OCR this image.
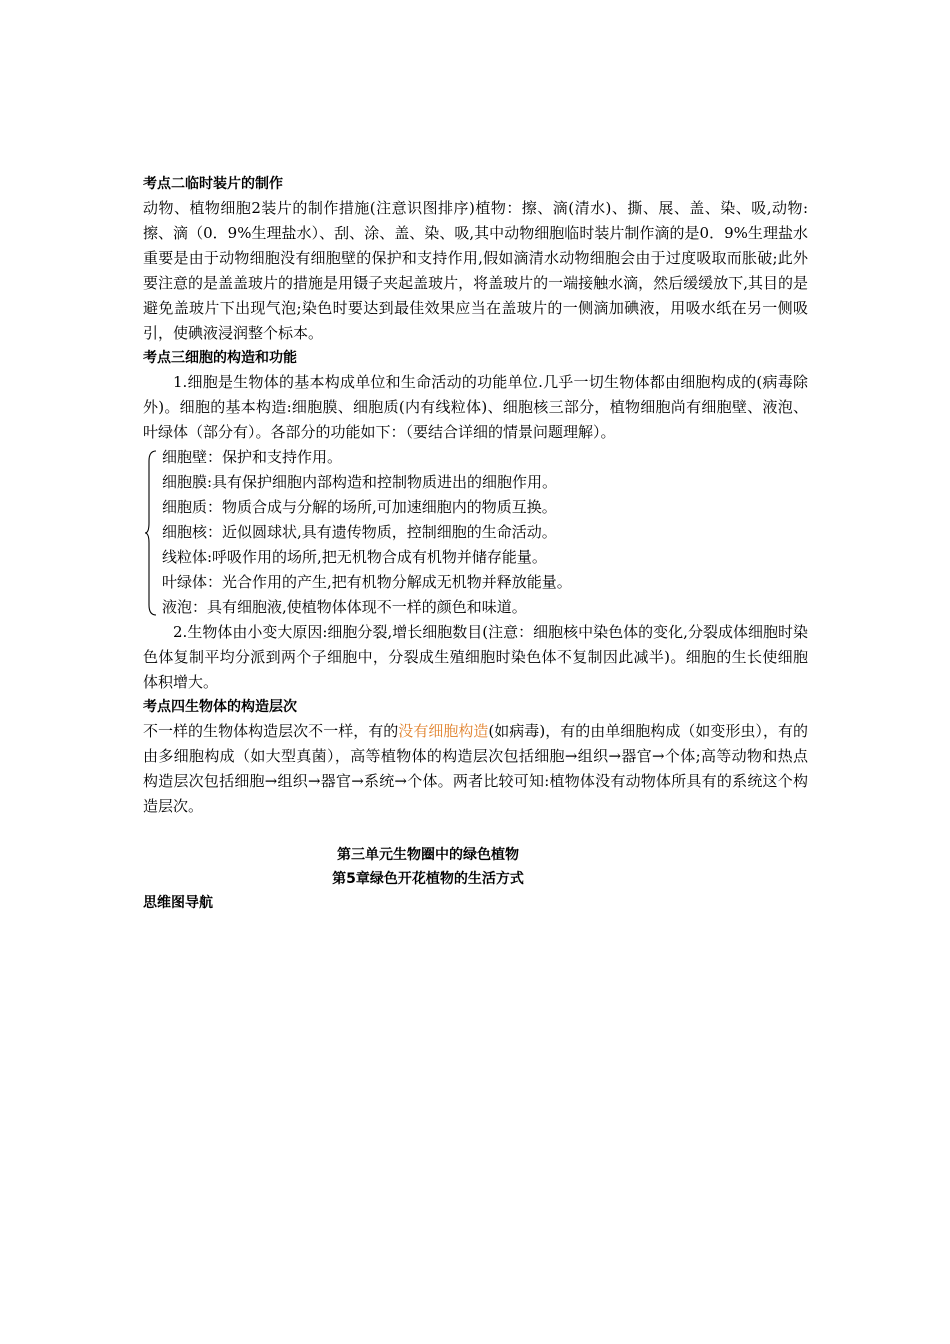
考点二临时装片的制作

动物、植物细胞2装片的制作措施(注意识图排序)植物：擦、滴(清水)、撕、展、盖、染、吸,动物:擦、滴（0．9%生理盐水）、刮、涂、盖、染、吸,其中动物细胞临时装片制作滴的是0．9%生理盐水重要是由于动物细胞没有细胞壁的保护和支持作用,假如滴清水动物细胞会由于过度吸取而胀破;此外要注意的是盖盖玻片的措施是用镊子夹起盖玻片，将盖玻片的一端接触水滴，然后缓缓放下,其目的是避免盖玻片下出现气泡;染色时要达到最佳效果应当在盖玻片的一侧滴加碘液，用吸水纸在另一侧吸引，使碘液浸润整个标本。

考点三细胞的构造和功能

1.细胞是生物体的基本构成单位和生命活动的功能单位.几乎一切生物体都由细胞构成的(病毒除外)。细胞的基本构造:细胞膜、细胞质(内有线粒体)、细胞核三部分，植物细胞尚有细胞壁、液泡、叶绿体（部分有）。各部分的功能如下：（要结合详细的情景问题理解）。

细胞壁：保护和支持作用。
细胞膜:具有保护细胞内部构造和控制物质进出的细胞作用。
细胞质：物质合成与分解的场所,可加速细胞内的物质互换。
细胞核：近似圆球状,具有遗传物质，控制细胞的生命活动。
线粒体:呼吸作用的场所,把无机物合成有机物并储存能量。
叶绿体：光合作用的产生,把有机物分解成无机物并释放能量。
液泡：具有细胞液,使植物体体现不一样的颜色和味道。

2.生物体由小变大原因:细胞分裂,增长细胞数目(注意：细胞核中染色体的变化,分裂成体细胞时染色体复制平均分派到两个子细胞中，分裂成生殖细胞时染色体不复制因此减半)。细胞的生长使细胞体积增大。

考点四生物体的构造层次

不一样的生物体构造层次不一样，有的没有细胞构造(如病毒)，有的由单细胞构成（如变形虫），有的由多细胞构成（如大型真菌），高等植物体的构造层次包括细胞→组织→器官→个体;高等动物和热点构造层次包括细胞→组织→器官→系统→个体。两者比较可知:植物体没有动物体所具有的系统这个构造层次。

第三单元生物圈中的绿色植物
第5章绿色开花植物的生活方式
思维图导航
